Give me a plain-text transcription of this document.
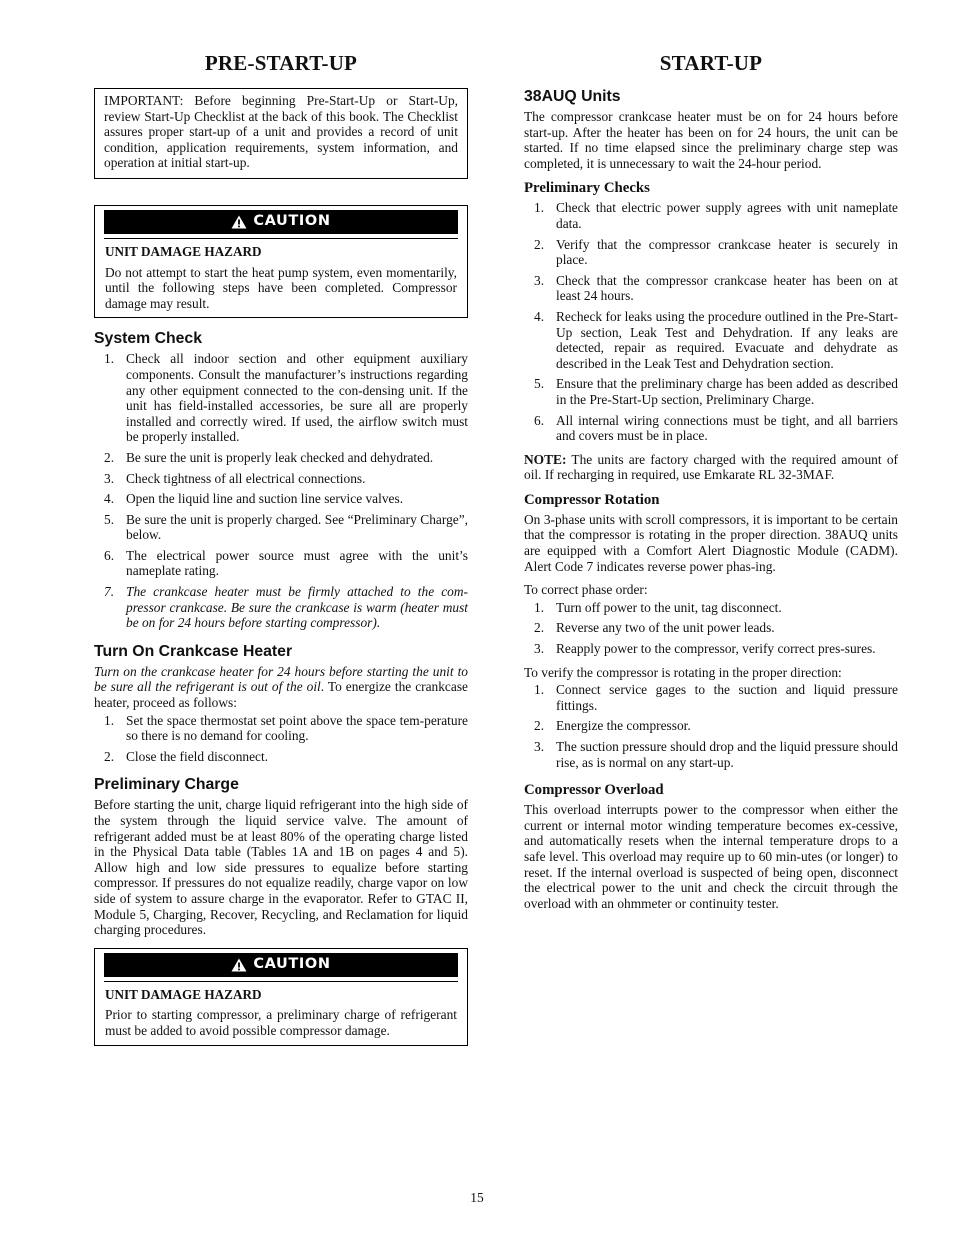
PRE-START-UP
IMPORTANT: Before beginning Pre-Start-Up or Start-Up, review Start-Up Checklist at the back of this book. The Checklist assures proper start-up of a unit and provides a record of unit condition, application requirements, system information, and operation at initial start-up.
CAUTION
UNIT DAMAGE HAZARD

Do not attempt to start the heat pump system, even momentarily, until the following steps have been completed. Compressor damage may result.

System Check
1. Check all indoor section and other equipment auxiliary components. Consult the manufacturer’s instructions regarding any other equipment connected to the con-densing unit. If the unit has field-installed accessories, be sure all are properly installed and correctly wired. If used, the airflow switch must be properly installed.
2. Be sure the unit is properly leak checked and dehydrated.
3. Check tightness of all electrical connections.
4. Open the liquid line and suction line service valves.
5. Be sure the unit is properly charged. See “Preliminary Charge”, below.
6. The electrical power source must agree with the unit’s nameplate rating.
7. The crankcase heater must be firmly attached to the com-pressor crankcase. Be sure the crankcase is warm (heater must be on for 24 hours before starting compressor).
Turn On Crankcase Heater

Turn on the crankcase heater for 24 hours before starting the unit to be sure all the refrigerant is out of the oil. To energize the crankcase heater, proceed as follows:

1. Set the space thermostat set point above the space tem-perature so there is no demand for cooling.
2. Close the field disconnect.
Preliminary Charge

Before starting the unit, charge liquid refrigerant into the high side of the system through the liquid service valve. The amount of refrigerant added must be at least 80% of the operating charge listed in the Physical Data table (Tables 1A and 1B on pages 4 and 5). Allow high and low side pressures to equalize before starting compressor. If pressures do not equalize readily, charge vapor on low side of system to assure charge in the evaporator. Refer to GTAC II, Module 5, Charging, Recover, Recycling, and Reclamation for liquid charging procedures.

CAUTION
UNIT DAMAGE HAZARD

Prior to starting compressor, a preliminary charge of refrigerant must be added to avoid possible compressor damage.

START-UP
38AUQ Units

The compressor crankcase heater must be on for 24 hours before start-up. After the heater has been on for 24 hours, the unit can be started. If no time elapsed since the preliminary charge step was completed, it is unnecessary to wait the 24-hour period.

Preliminary Checks
1. Check that electric power supply agrees with unit nameplate data.
2. Verify that the compressor crankcase heater is securely in place.
3. Check that the compressor crankcase heater has been on at least 24 hours.
4. Recheck for leaks using the procedure outlined in the Pre-Start-Up section, Leak Test and Dehydration. If any leaks are detected, repair as required. Evacuate and dehydrate as described in the Leak Test and Dehydration section.
5. Ensure that the preliminary charge has been added as described in the Pre-Start-Up section, Preliminary Charge.
6. All internal wiring connections must be tight, and all barriers and covers must be in place.

NOTE: The units are factory charged with the required amount of oil. If recharging in required, use Emkarate RL 32-3MAF.

Compressor Rotation

On 3-phase units with scroll compressors, it is important to be certain that the compressor is rotating in the proper direction. 38AUQ units are equipped with a Comfort Alert Diagnostic Module (CADM). Alert Code 7 indicates reverse power phas-ing.

To correct phase order:

1. Turn off power to the unit, tag disconnect.
2. Reverse any two of the unit power leads.
3. Reapply power to the compressor, verify correct pres-sures.

To verify the compressor is rotating in the proper direction:

1. Connect service gages to the suction and liquid pressure fittings.
2. Energize the compressor.
3. The suction pressure should drop and the liquid pressure should rise, as is normal on any start-up.
Compressor Overload

This overload interrupts power to the compressor when either the current or internal motor winding temperature becomes ex-cessive, and automatically resets when the internal temperature drops to a safe level. This overload may require up to 60 min-utes (or longer) to reset. If the internal overload is suspected of being open, disconnect the electrical power to the unit and check the circuit through the overload with an ohmmeter or continuity tester.

15
